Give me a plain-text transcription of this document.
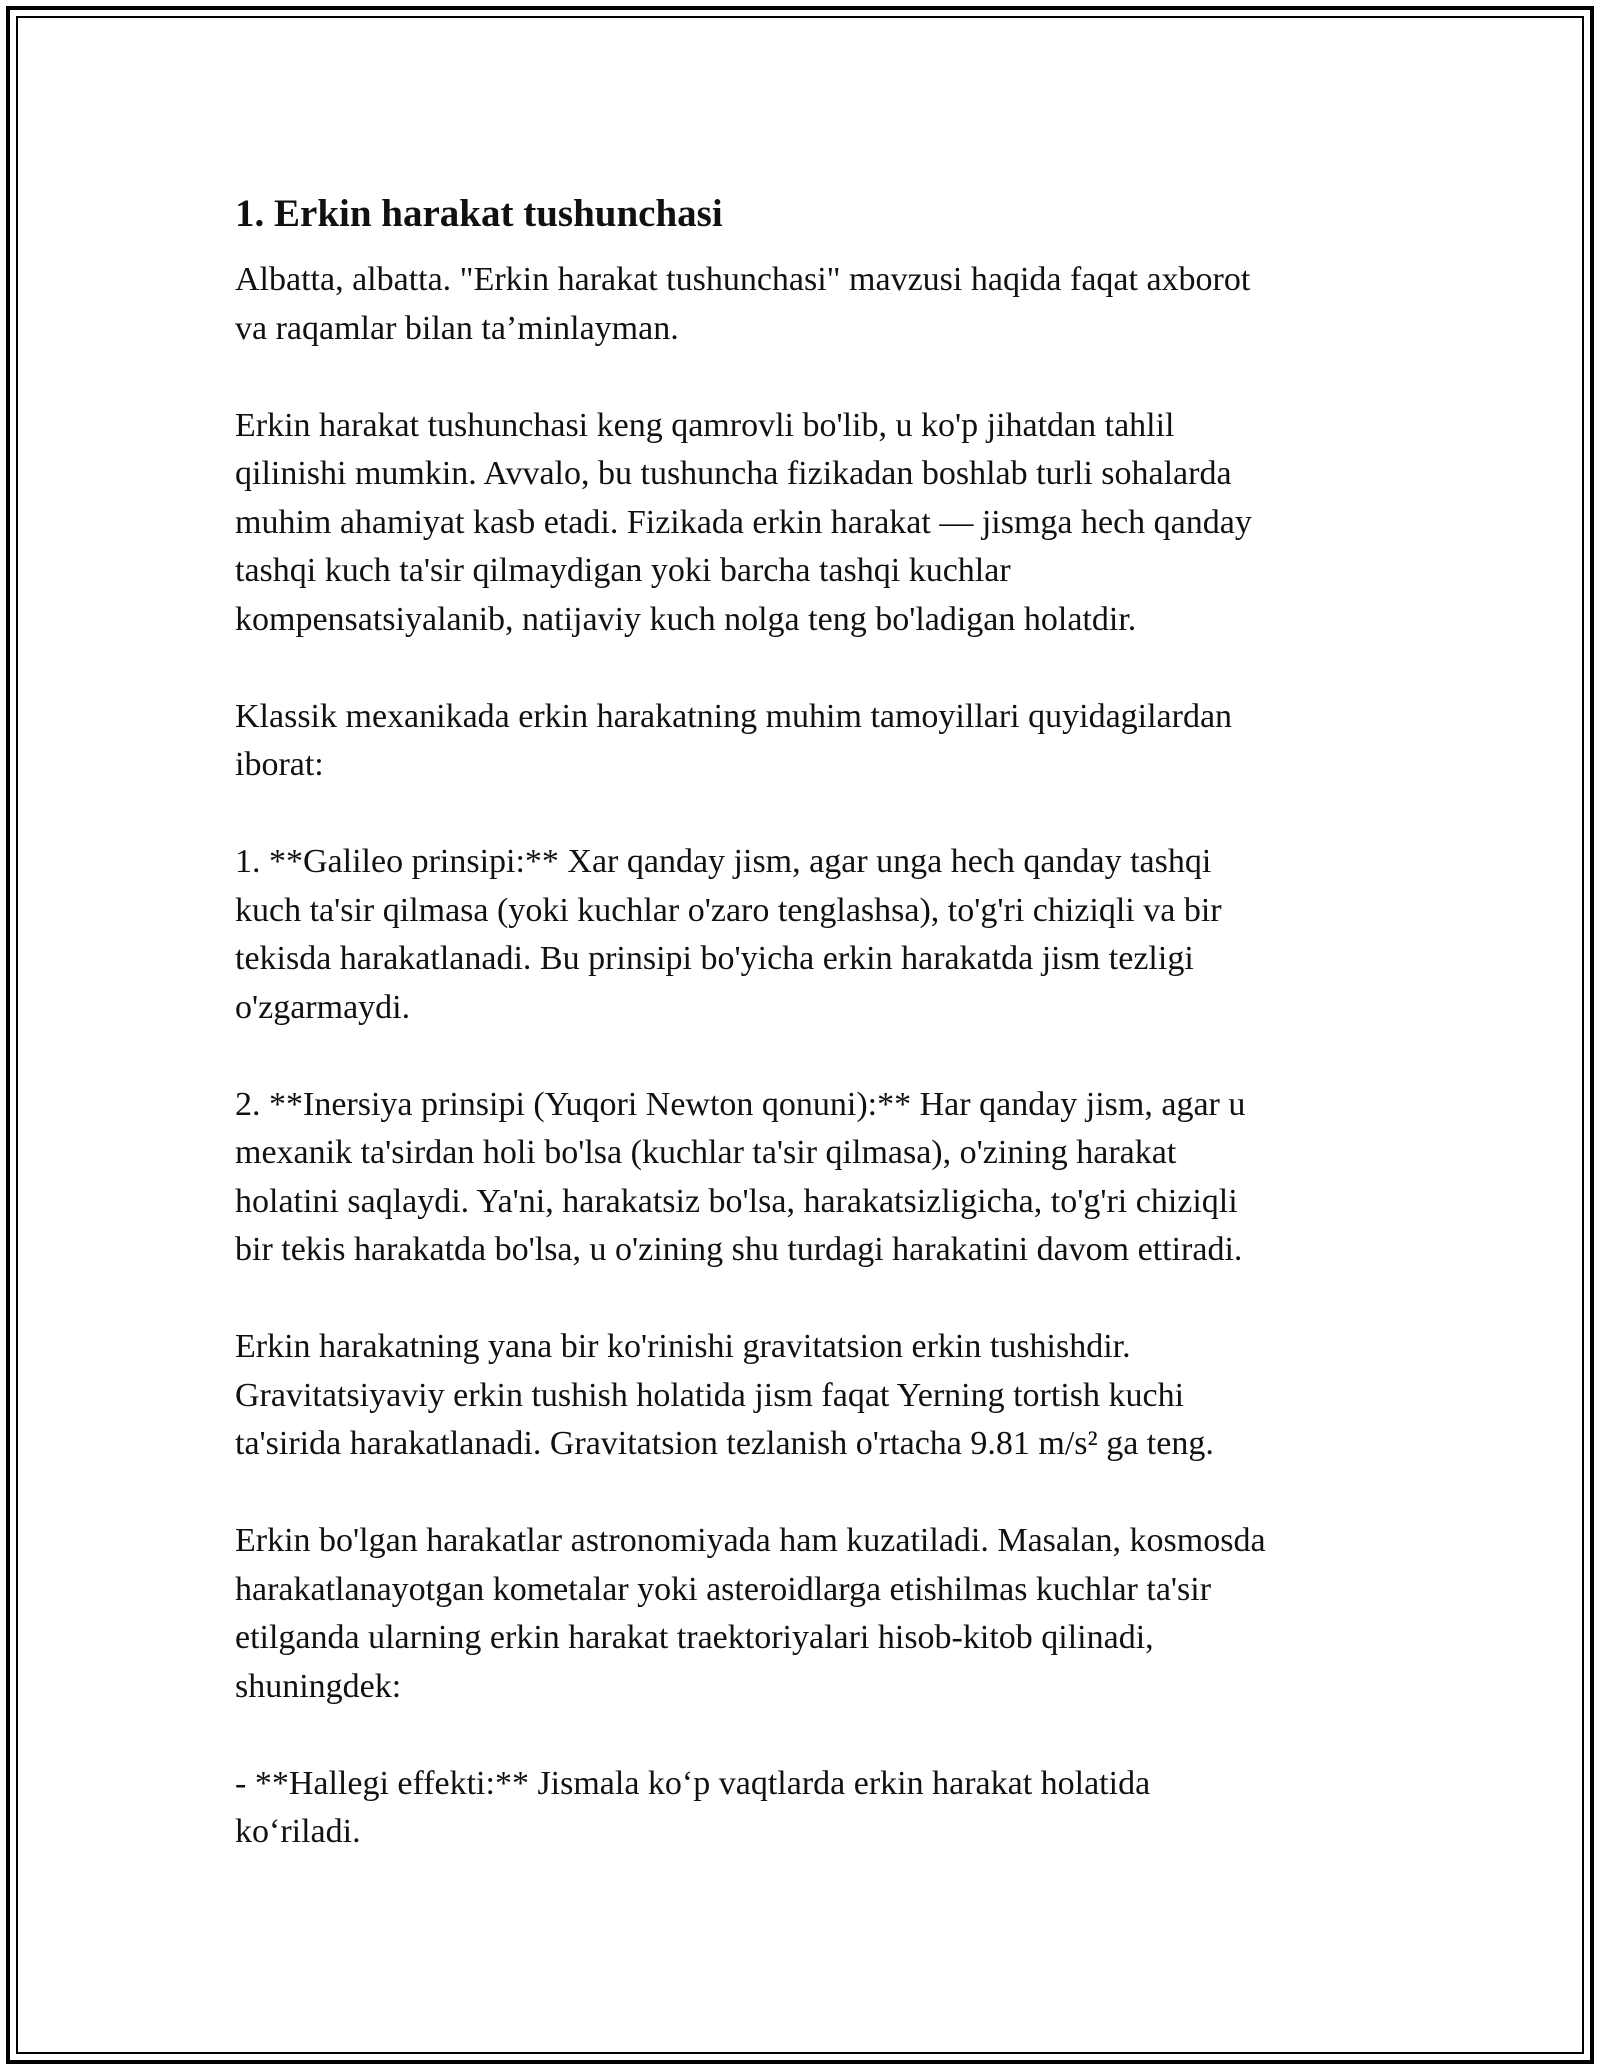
1. Erkin harakat tushunchasi

Albatta, albatta. "Erkin harakat tushunchasi" mavzusi haqida faqat axborot
va raqamlar bilan ta’minlayman.

Erkin harakat tushunchasi keng qamrovli bo'lib, u ko'p jihatdan tahlil
qilinishi mumkin. Avvalo, bu tushuncha fizikadan boshlab turli sohalarda
muhim ahamiyat kasb etadi. Fizikada erkin harakat — jismga hech qanday
tashqi kuch ta'sir qilmaydigan yoki barcha tashqi kuchlar
kompensatsiyalanib, natijaviy kuch nolga teng bo'ladigan holatdir.

Klassik mexanikada erkin harakatning muhim tamoyillari quyidagilardan
iborat:

1. **Galileo prinsipi:** Xar qanday jism, agar unga hech qanday tashqi
kuch ta'sir qilmasa (yoki kuchlar o'zaro tenglashsa), to'g'ri chiziqli va bir
tekisda harakatlanadi. Bu prinsipi bo'yicha erkin harakatda jism tezligi
o'zgarmaydi.

2. **Inersiya prinsipi (Yuqori Newton qonuni):** Har qanday jism, agar u
mexanik ta'sirdan holi bo'lsa (kuchlar ta'sir qilmasa), o'zining harakat
holatini saqlaydi. Ya'ni, harakatsiz bo'lsa, harakatsizligicha, to'g'ri chiziqli
bir tekis harakatda bo'lsa, u o'zining shu turdagi harakatini davom ettiradi.

Erkin harakatning yana bir ko'rinishi gravitatsion erkin tushishdir.
Gravitatsiyaviy erkin tushish holatida jism faqat Yerning tortish kuchi
ta'sirida harakatlanadi. Gravitatsion tezlanish o'rtacha 9.81 m/s² ga teng.

Erkin bo'lgan harakatlar astronomiyada ham kuzatiladi. Masalan, kosmosda
harakatlanayotgan kometalar yoki asteroidlarga etishilmas kuchlar ta'sir
etilganda ularning erkin harakat traektoriyalari hisob-kitob qilinadi,
shuningdek:

- **Hallegi effekti:** Jismala ko‘p vaqtlarda erkin harakat holatida
ko‘riladi.
